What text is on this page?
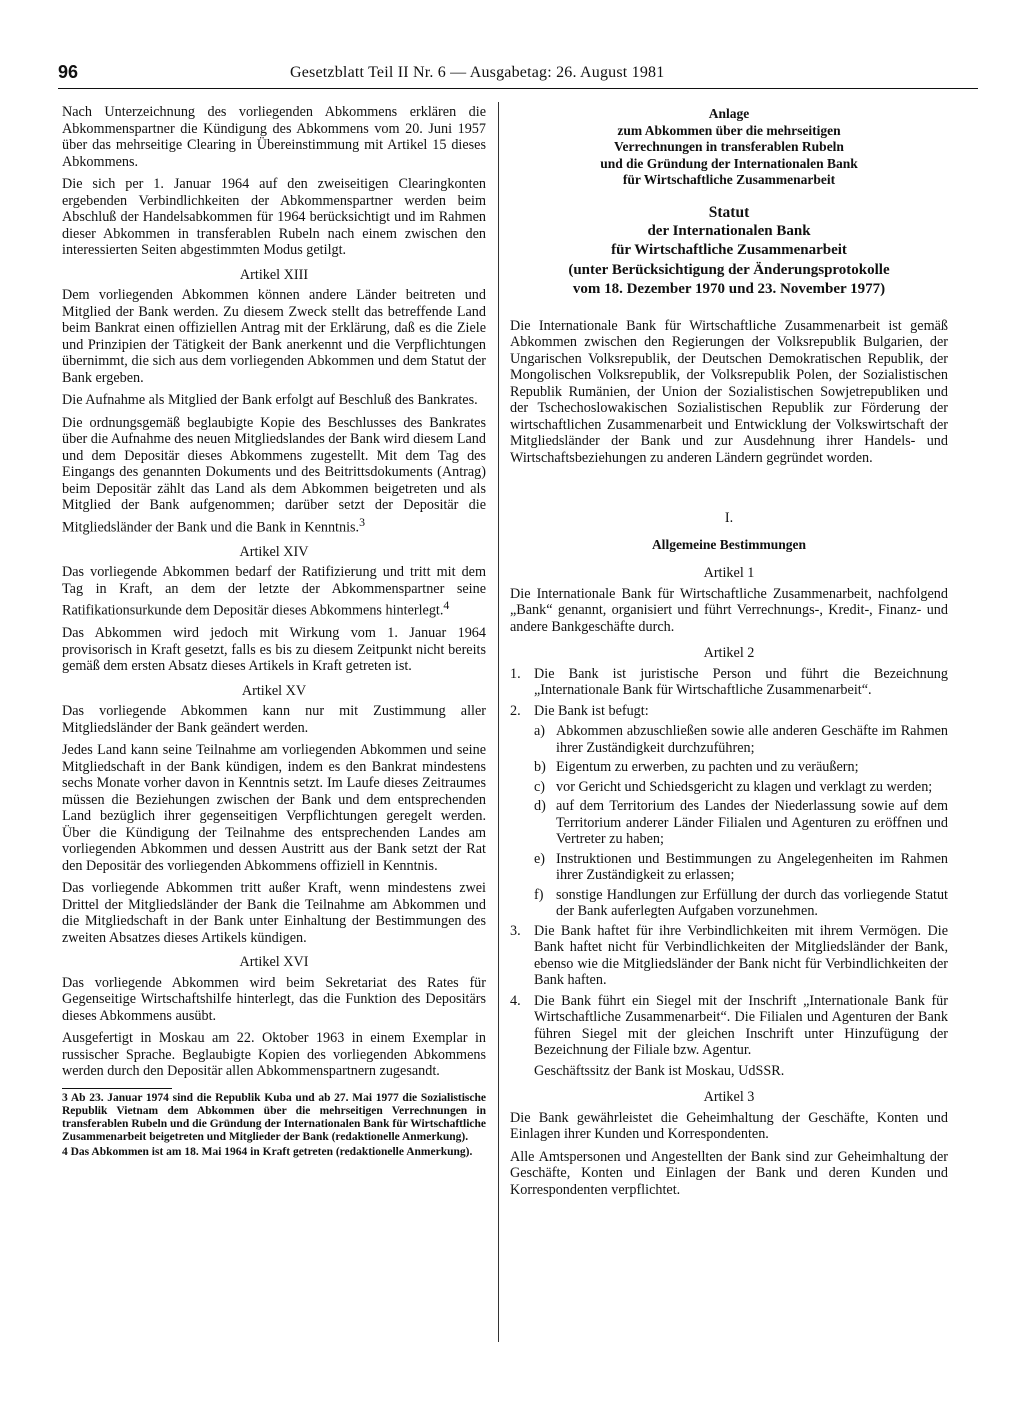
96	Gesetzblatt Teil II Nr. 6 — Ausgabetag: 26. August 1981

Nach Unterzeichnung des vorliegenden Abkommens erklären die Abkommenspartner die Kündigung des Abkommens vom 20. Juni 1957 über das mehrseitige Clearing in Übereinstimmung mit Artikel 15 dieses Abkommens.

Die sich per 1. Januar 1964 auf den zweiseitigen Clearingkonten ergebenden Verbindlichkeiten der Abkommenspartner werden beim Abschluß der Handelsabkommen für 1964 berücksichtigt und im Rahmen dieser Abkommen in transferablen Rubeln nach einem zwischen den interessierten Seiten abgestimmten Modus getilgt.

Artikel XIII

Dem vorliegenden Abkommen können andere Länder beitreten und Mitglied der Bank werden. Zu diesem Zweck stellt das betreffende Land beim Bankrat einen offiziellen Antrag mit der Erklärung, daß es die Ziele und Prinzipien der Tätigkeit der Bank anerkennt und die Verpflichtungen übernimmt, die sich aus dem vorliegenden Abkommen und dem Statut der Bank ergeben.

Die Aufnahme als Mitglied der Bank erfolgt auf Beschluß des Bankrates.

Die ordnungsgemäß beglaubigte Kopie des Beschlusses des Bankrates über die Aufnahme des neuen Mitgliedslandes der Bank wird diesem Land und dem Depositär dieses Abkommens zugestellt. Mit dem Tag des Eingangs des genannten Dokuments und des Beitrittsdokuments (Antrag) beim Depositär zählt das Land als dem Abkommen beigetreten und als Mitglied der Bank aufgenommen; darüber setzt der Depositär die Mitgliedsländer der Bank und die Bank in Kenntnis.$^3$

Artikel XIV

Das vorliegende Abkommen bedarf der Ratifizierung und tritt mit dem Tag in Kraft, an dem der letzte der Abkommenspartner seine Ratifikationsurkunde dem Depositär dieses Abkommens hinterlegt.$^4$

Das Abkommen wird jedoch mit Wirkung vom 1. Januar 1964 provisorisch in Kraft gesetzt, falls es bis zu diesem Zeitpunkt nicht bereits gemäß dem ersten Absatz dieses Artikels in Kraft getreten ist.

Artikel XV

Das vorliegende Abkommen kann nur mit Zustimmung aller Mitgliedsländer der Bank geändert werden.

Jedes Land kann seine Teilnahme am vorliegenden Abkommen und seine Mitgliedschaft in der Bank kündigen, indem es den Bankrat mindestens sechs Monate vorher davon in Kenntnis setzt. Im Laufe dieses Zeitraumes müssen die Beziehungen zwischen der Bank und dem entsprechenden Land bezüglich ihrer gegenseitigen Verpflichtungen geregelt werden. Über die Kündigung der Teilnahme des entsprechenden Landes am vorliegenden Abkommen und dessen Austritt aus der Bank setzt der Rat den Depositär des vorliegenden Abkommens offiziell in Kenntnis.

Das vorliegende Abkommen tritt außer Kraft, wenn mindestens zwei Drittel der Mitgliedsländer der Bank die Teilnahme am Abkommen und die Mitgliedschaft in der Bank unter Einhaltung der Bestimmungen des zweiten Absatzes dieses Artikels kündigen.

Artikel XVI

Das vorliegende Abkommen wird beim Sekretariat des Rates für Gegenseitige Wirtschaftshilfe hinterlegt, das die Funktion des Depositärs dieses Abkommens ausübt.

Ausgefertigt in Moskau am 22. Oktober 1963 in einem Exemplar in russischer Sprache. Beglaubigte Kopien des vorliegenden Abkommens werden durch den Depositär allen Abkommenspartnern zugesandt.

3 Ab 23. Januar 1974 sind die Republik Kuba und ab 27. Mai 1977 die Sozialistische Republik Vietnam dem Abkommen über die mehrseitigen Verrechnungen in transferablen Rubeln und die Gründung der Internationalen Bank für Wirtschaftliche Zusammenarbeit beigetreten und Mitglieder der Bank (redaktionelle Anmerkung).

4 Das Abkommen ist am 18. Mai 1964 in Kraft getreten (redaktionelle Anmerkung).

Anlage
zum Abkommen über die mehrseitigen
Verrechnungen in transferablen Rubeln
und die Gründung der Internationalen Bank
für Wirtschaftliche Zusammenarbeit
Statut
der Internationalen Bank
für Wirtschaftliche Zusammenarbeit
(unter Berücksichtigung der Änderungsprotokolle
vom 18. Dezember 1970 und 23. November 1977)

Die Internationale Bank für Wirtschaftliche Zusammenarbeit ist gemäß Abkommen zwischen den Regierungen der Volksrepublik Bulgarien, der Ungarischen Volksrepublik, der Deutschen Demokratischen Republik, der Mongolischen Volksrepublik, der Volksrepublik Polen, der Sozialistischen Republik Rumänien, der Union der Sozialistischen Sowjetrepubliken und der Tschechoslowakischen Sozialistischen Republik zur Förderung der wirtschaftlichen Zusammenarbeit und Entwicklung der Volkswirtschaft der Mitgliedsländer der Bank und zur Ausdehnung ihrer Handels- und Wirtschaftsbeziehungen zu anderen Ländern gegründet worden.

I.
Allgemeine Bestimmungen
Artikel 1

Die Internationale Bank für Wirtschaftliche Zusammenarbeit, nachfolgend „Bank“ genannt, organisiert und führt Verrechnungs-, Kredit-, Finanz- und andere Bankgeschäfte durch.

Artikel 2
1. Die Bank ist juristische Person und führt die Bezeichnung „Internationale Bank für Wirtschaftliche Zusammenarbeit“.
2. Die Bank ist befugt:
a) Abkommen abzuschließen sowie alle anderen Geschäfte im Rahmen ihrer Zuständigkeit durchzuführen;
b) Eigentum zu erwerben, zu pachten und zu veräußern;
c) vor Gericht und Schiedsgericht zu klagen und verklagt zu werden;
d) auf dem Territorium des Landes der Niederlassung sowie auf dem Territorium anderer Länder Filialen und Agenturen zu eröffnen und Vertreter zu haben;
e) Instruktionen und Bestimmungen zu Angelegenheiten im Rahmen ihrer Zuständigkeit zu erlassen;
f) sonstige Handlungen zur Erfüllung der durch das vorliegende Statut der Bank auferlegten Aufgaben vorzunehmen.
3. Die Bank haftet für ihre Verbindlichkeiten mit ihrem Vermögen. Die Bank haftet nicht für Verbindlichkeiten der Mitgliedsländer der Bank, ebenso wie die Mitgliedsländer der Bank nicht für Verbindlichkeiten der Bank haften.
4. Die Bank führt ein Siegel mit der Inschrift „Internationale Bank für Wirtschaftliche Zusammenarbeit“. Die Filialen und Agenturen der Bank führen Siegel mit der gleichen Inschrift unter Hinzufügung der Bezeichnung der Filiale bzw. Agentur.
Geschäftssitz der Bank ist Moskau, UdSSR.
Artikel 3

Die Bank gewährleistet die Geheimhaltung der Geschäfte, Konten und Einlagen ihrer Kunden und Korrespondenten.

Alle Amtspersonen und Angestellten der Bank sind zur Geheimhaltung der Geschäfte, Konten und Einlagen der Bank und deren Kunden und Korrespondenten verpflichtet.
